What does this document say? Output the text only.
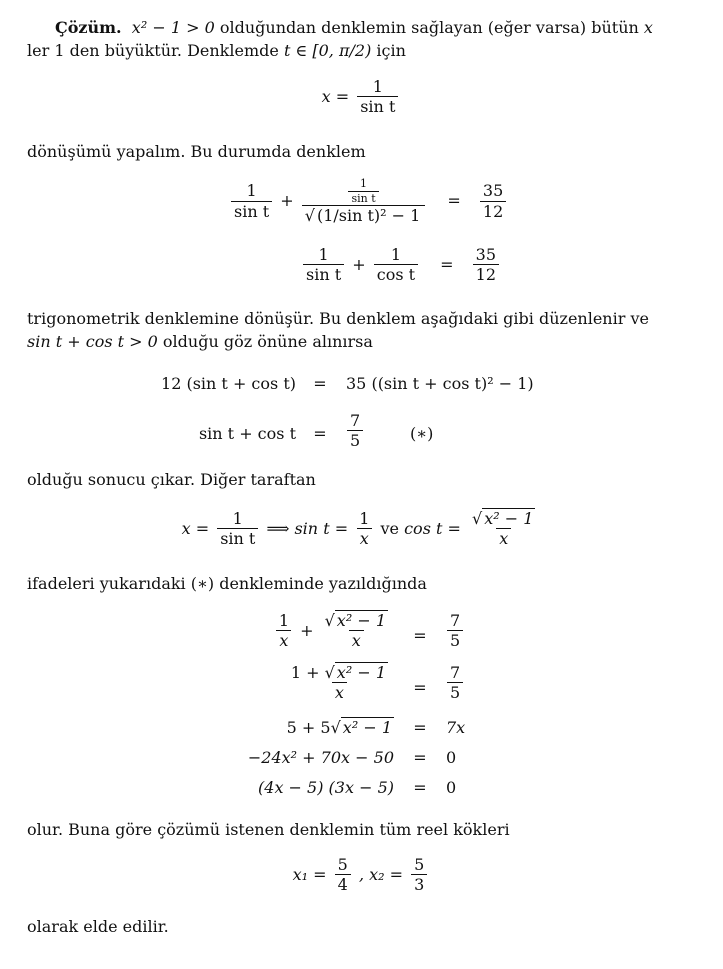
Çözüm. x² − 1 > 0 olduğundan denklemin sağlayan (eğer varsa) bütün x
ler 1 den büyüktür. Denklemde t ∈ [0, π/2) için

$x = \frac{1}{\text{sin t}}$

dönüşümü yapalım. Bu durumda denklem

$\frac{1}{\text{sin t}} + \frac{\frac{1}{\text{sin t}}}{\text{√ (1/sin t)² − 1}} = \frac{35}{12}$
$\frac{1}{\text{sin t}} + \frac{1}{\text{cos t}} = \frac{35}{12}$

trigonometrik denklemine dönüşür. Bu denklem aşağıdaki gibi düzenlenir ve
sin t + cos t > 0 olduğu göz önüne alınırsa

12 (sin t + cos t)	=	35 ((sin t + cos t)² − 1)
sin t + cos t	=	$\frac{7}{5}$	(∗)

olduğu sonucu çıkar. Diğer taraftan

$x = \frac{1}{\text{sin t}}$ ⟹ $\sin t = \frac{1}{x}$ ve $\cos t = \frac{\text{√ x² − 1}}{x}$

ifadeleri yukarıdaki (∗) denkleminde yazıldığında

$\frac{1}{x} + \frac{\text{√ x² − 1}}{x}$	=	$\frac{7}{5}$
$\frac{\text{1 + √ x² − 1}}{x}$	=	$\frac{7}{5}$
5 + 5√ x² − 1	=	7x
−24x² + 70x − 50	=	0
(4x − 5) (3x − 5)	=	0

olur. Buna göre çözümü istenen denklemin tüm reel kökleri

$x_1 = \frac{5}{4}$ , $x_2 = \frac{5}{3}$

olarak elde edilir.
